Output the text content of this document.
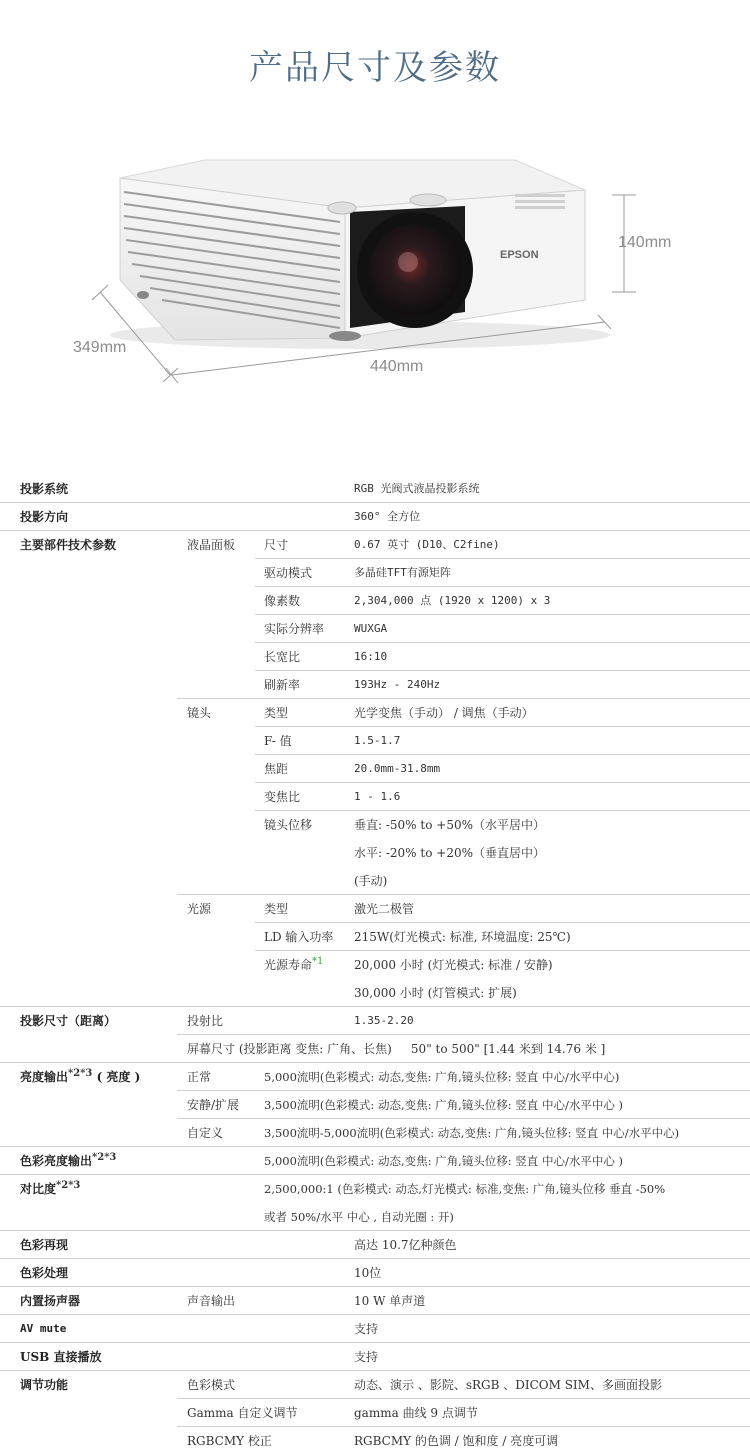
产品尺寸及参数
EPSON
140mm
349mm
440mm
投影系统	RGB 光阀式液晶投影系统
投影方向	360° 全方位
主要部件技术参数	液晶面板 尺寸	0.67 英寸 (D10、C2fine)
驱动模式	多晶硅TFT有源矩阵
像素数	2,304,000 点 (1920 x 1200) x 3
实际分辨率	WUXGA
长宽比	16:10
刷新率	193Hz - 240Hz
镜头	类型	光学变焦（手动） / 调焦（手动）
F- 值	1.5-1.7
焦距	20.0mm-31.8mm
变焦比	1 - 1.6
镜头位移	垂直: -50% to +50%（水平居中）
水平: -20% to +20%（垂直居中）
(手动)
光源	类型	激光二极管
LD 输入功率 215W(灯光模式: 标准, 环境温度: 25℃)
光源寿命$^{*1}$	20,000 小时 (灯光模式: 标准 / 安静)
30,000 小时 (灯管模式: 扩展)
投影尺寸（距离）	投射比	1.35-2.20
屏幕尺寸 (投影距离 变焦: 广角、长焦)     50" to 500" [1.44 米到 14.76 米 ]
亮度输出$^{*2*3}$ ( 亮度 )	正常	5,000流明(色彩模式: 动态,变焦: 广角,镜头位移: 竖直 中心/水平中心)
安静/扩展 3,500流明(色彩模式: 动态,变焦: 广角,镜头位移: 竖直 中心/水平中心 )
自定义	3,500流明-5,000流明(色彩模式: 动态,变焦: 广角,镜头位移: 竖直 中心/水平中心)
色彩亮度输出$^{*2*3}$	5,000流明(色彩模式: 动态,变焦: 广角,镜头位移: 竖直 中心/水平中心 )
对比度$^{*2*3}$	2,500,000:1 (色彩模式: 动态,灯光模式: 标准,变焦: 广角,镜头位移 垂直 -50%
或者 50%/水平 中心 , 自动光圈 : 开)
色彩再现	高达 10.7亿种颜色
色彩处理	10位
内置扬声器	声音输出	10 W 单声道
AV mute	支持
USB 直接播放	支持
调节功能	色彩模式	动态、演示 、影院、sRGB 、DICOM SIM、多画面投影
Gamma 自定义调节	gamma 曲线 9 点调节
RGBCMY 校正	RGBCMY 的色调 / 饱和度 / 亮度可调
